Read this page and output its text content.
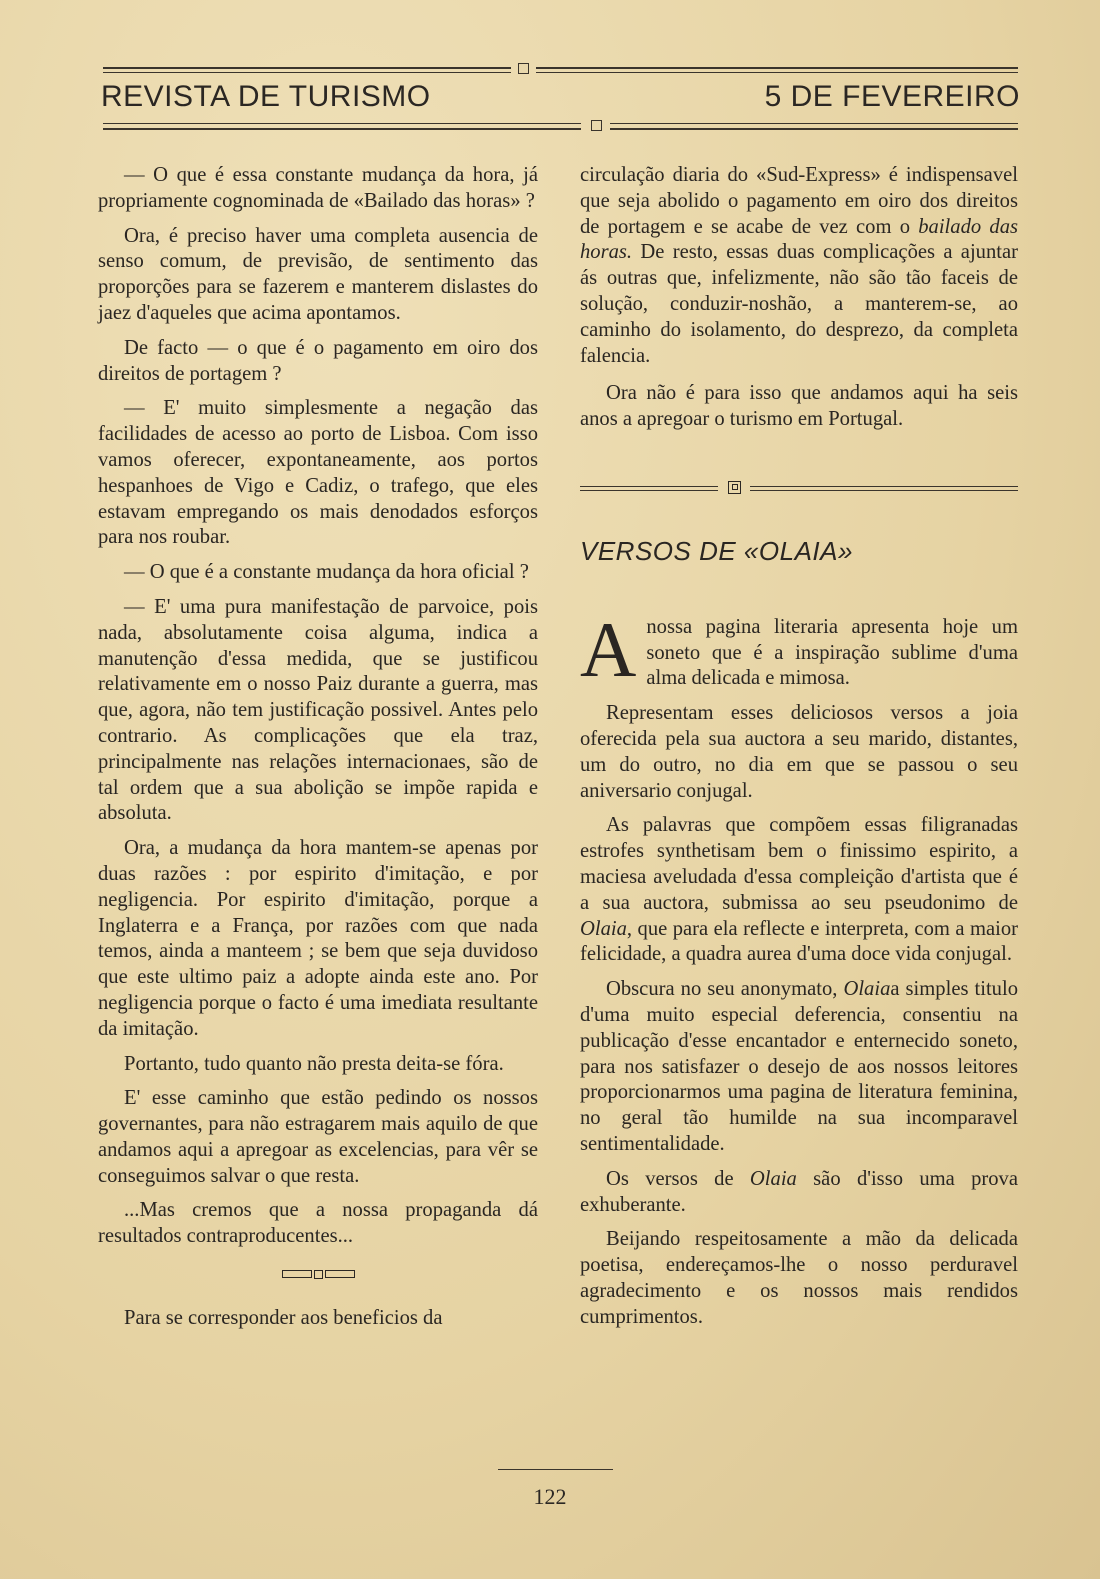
REVISTA DE TURISMO	5 DE FEVEREIRO

— O que é essa constante mudança da hora, já propriamente cognominada de «Bailado das horas» ?

Ora, é preciso haver uma completa ausencia de senso comum, de previsão, de sentimento das proporções para se fazerem e manterem dislastes do jaez d'aqueles que acima apontamos.

De facto — o que é o pagamento em oiro dos direitos de portagem ?

— E' muito simplesmente a negação das facilidades de acesso ao porto de Lisboa. Com isso vamos oferecer, expontaneamente, aos portos hespanhoes de Vigo e Cadiz, o trafego, que eles estavam empregando os mais denodados esforços para nos roubar.

— O que é a constante mudança da hora oficial ?

— E' uma pura manifestação de parvoice, pois nada, absolutamente coisa alguma, indica a manutenção d'essa medida, que se justificou relativamente em o nosso Paiz durante a guerra, mas que, agora, não tem justificação possivel. Antes pelo contrario. As complicações que ela traz, principalmente nas relações internacionaes, são de tal ordem que a sua abolição se impõe rapida e absoluta.

Ora, a mudança da hora mantem-se apenas por duas razões : por espirito d'imitação, e por negligencia. Por espirito d'imitação, porque a Inglaterra e a França, por razões com que nada temos, ainda a manteem ; se bem que seja duvidoso que este ultimo paiz a adopte ainda este ano. Por negligencia porque o facto é uma imediata resultante da imitação.

Portanto, tudo quanto não presta deita-se fóra.

E' esse caminho que estão pedindo os nossos governantes, para não estragarem mais aquilo de que andamos aqui a apregoar as excelencias, para vêr se conseguimos salvar o que resta.

...Mas cremos que a nossa propaganda dá resultados contraproducentes...

Para se corresponder aos beneficios da

circulação diaria do «Sud-Express» é indispensavel que seja abolido o pagamento em oiro dos direitos de portagem e se acabe de vez com o bailado das horas. De resto, essas duas complicações a ajuntar ás outras que, infelizmente, não são tão faceis de solução, conduzir-noshão, a manterem-se, ao caminho do isolamento, do desprezo, da completa falencia.

Ora não é para isso que andamos aqui ha seis anos a apregoar o turismo em Portugal.

VERSOS DE «OLAIA»

Anossa pagina literaria apresenta hoje um soneto que é a inspiração sublime d'uma alma delicada e mimosa.

Representam esses deliciosos versos a joia oferecida pela sua auctora a seu marido, distantes, um do outro, no dia em que se passou o seu aniversario conjugal.

As palavras que compõem essas filigranadas estrofes synthetisam bem o finissimo espirito, a maciesa aveludada d'essa compleição d'artista que é a sua auctora, submissa ao seu pseudonimo de Olaia, que para ela reflecte e interpreta, com a maior felicidade, a quadra aurea d'uma doce vida conjugal.

Obscura no seu anonymato, Olaiaa simples titulo d'uma muito especial deferencia, consentiu na publicação d'esse encantador e enternecido soneto, para nos satisfazer o desejo de aos nossos leitores proporcionarmos uma pagina de literatura feminina, no geral tão humilde na sua incomparavel sentimentalidade.

Os versos de Olaia são d'isso uma prova exhuberante.

Beijando respeitosamente a mão da delicada poetisa, endereçamos-lhe o nosso perduravel agradecimento e os nossos mais rendidos cumprimentos.

122
